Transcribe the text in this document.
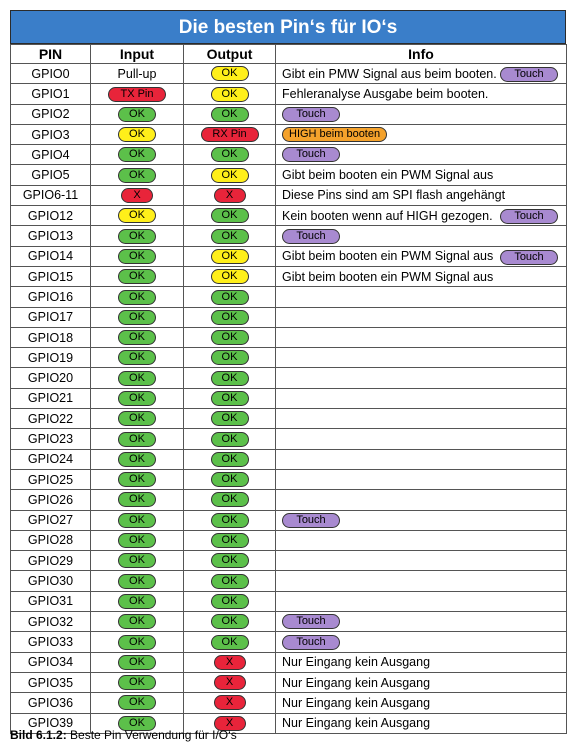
Die besten Pin‘s für IO‘s
PIN	Input	Output	Info
GPIO0	Pull-up	OK	Gibt ein PMW Signal aus beim booten. Touch

GPIO1	TX Pin	OK	Fehleranalyse Ausgabe beim booten.
GPIO2	OK	OK	Touch
GPIO3	OK	RX Pin	HIGH beim booten
GPIO4	OK	OK	Touch
GPIO5	OK	OK	Gibt beim booten ein PWM Signal aus
GPIO6-11	X	X	Diese Pins sind am SPI flash angehängt
GPIO12	OK	OK	Kein booten wenn auf HIGH gezogen. Touch

GPIO13	OK	OK	Touch
GPIO14	OK	OK	Gibt beim booten ein PWM Signal aus Touch

GPIO15	OK	OK	Gibt beim booten ein PWM Signal aus
GPIO16	OK	OK	
GPIO17	OK	OK	
GPIO18	OK	OK	
GPIO19	OK	OK	
GPIO20	OK	OK	
GPIO21	OK	OK	
GPIO22	OK	OK	
GPIO23	OK	OK	
GPIO24	OK	OK	
GPIO25	OK	OK	
GPIO26	OK	OK	
GPIO27	OK	OK	Touch
GPIO28	OK	OK	
GPIO29	OK	OK	
GPIO30	OK	OK	
GPIO31	OK	OK	
GPIO32	OK	OK	Touch
GPIO33	OK	OK	Touch
GPIO34	OK	X	Nur Eingang kein Ausgang
GPIO35	OK	X	Nur Eingang kein Ausgang
GPIO36	OK	X	Nur Eingang kein Ausgang
GPIO39	OK	X	Nur Eingang kein Ausgang
Bild 6.1.2: Beste Pin Verwendung für I/O‘s
